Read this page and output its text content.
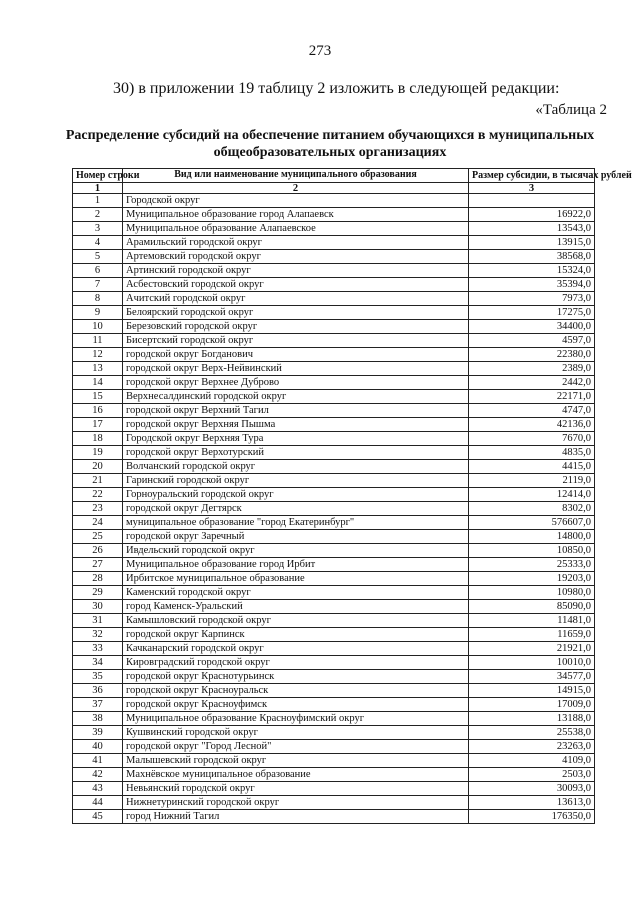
273
30) в приложении 19 таблицу 2 изложить в следующей редакции:
«Таблица 2
Распределение субсидий на обеспечение питанием обучающихся в муниципальных общеобразовательных организациях
Номер строки	Вид или наименование муниципального образования	Размер субсидии, в тысячах рублей
1	2	3
1	Городской округ	
2	Муниципальное образование город Алапаевск	16922,0
3	Муниципальное образование Алапаевское	13543,0
4	Арамильский городской округ	13915,0
5	Артемовский городской округ	38568,0
6	Артинский городской округ	15324,0
7	Асбестовский городской округ	35394,0
8	Ачитский городской округ	7973,0
9	Белоярский городской округ	17275,0
10	Березовский городской округ	34400,0
11	Бисертский городской округ	4597,0
12	городской округ Богданович	22380,0
13	городской округ Верх-Нейвинский	2389,0
14	городской округ Верхнее Дуброво	2442,0
15	Верхнесалдинский городской округ	22171,0
16	городской округ Верхний Тагил	4747,0
17	городской округ Верхняя Пышма	42136,0
18	Городской округ Верхняя Тура	7670,0
19	городской округ Верхотурский	4835,0
20	Волчанский городской округ	4415,0
21	Гаринский городской округ	2119,0
22	Горноуральский городской округ	12414,0
23	городской округ Дегтярск	8302,0
24	муниципальное образование "город Екатеринбург"	576607,0
25	городской округ Заречный	14800,0
26	Ивдельский городской округ	10850,0
27	Муниципальное образование город Ирбит	25333,0
28	Ирбитское муниципальное образование	19203,0
29	Каменский городской округ	10980,0
30	город Каменск-Уральский	85090,0
31	Камышловский городской округ	11481,0
32	городской округ Карпинск	11659,0
33	Качканарский городской округ	21921,0
34	Кировградский городской округ	10010,0
35	городской округ Краснотурьинск	34577,0
36	городской округ Красноуральск	14915,0
37	городской округ Красноуфимск	17009,0
38	Муниципальное образование Красноуфимский округ	13188,0
39	Кушвинский городской округ	25538,0
40	городской округ "Город Лесной"	23263,0
41	Малышевский городской округ	4109,0
42	Махнёвское муниципальное образование	2503,0
43	Невьянский городской округ	30093,0
44	Нижнетуринский городской округ	13613,0
45	город Нижний Тагил	176350,0
